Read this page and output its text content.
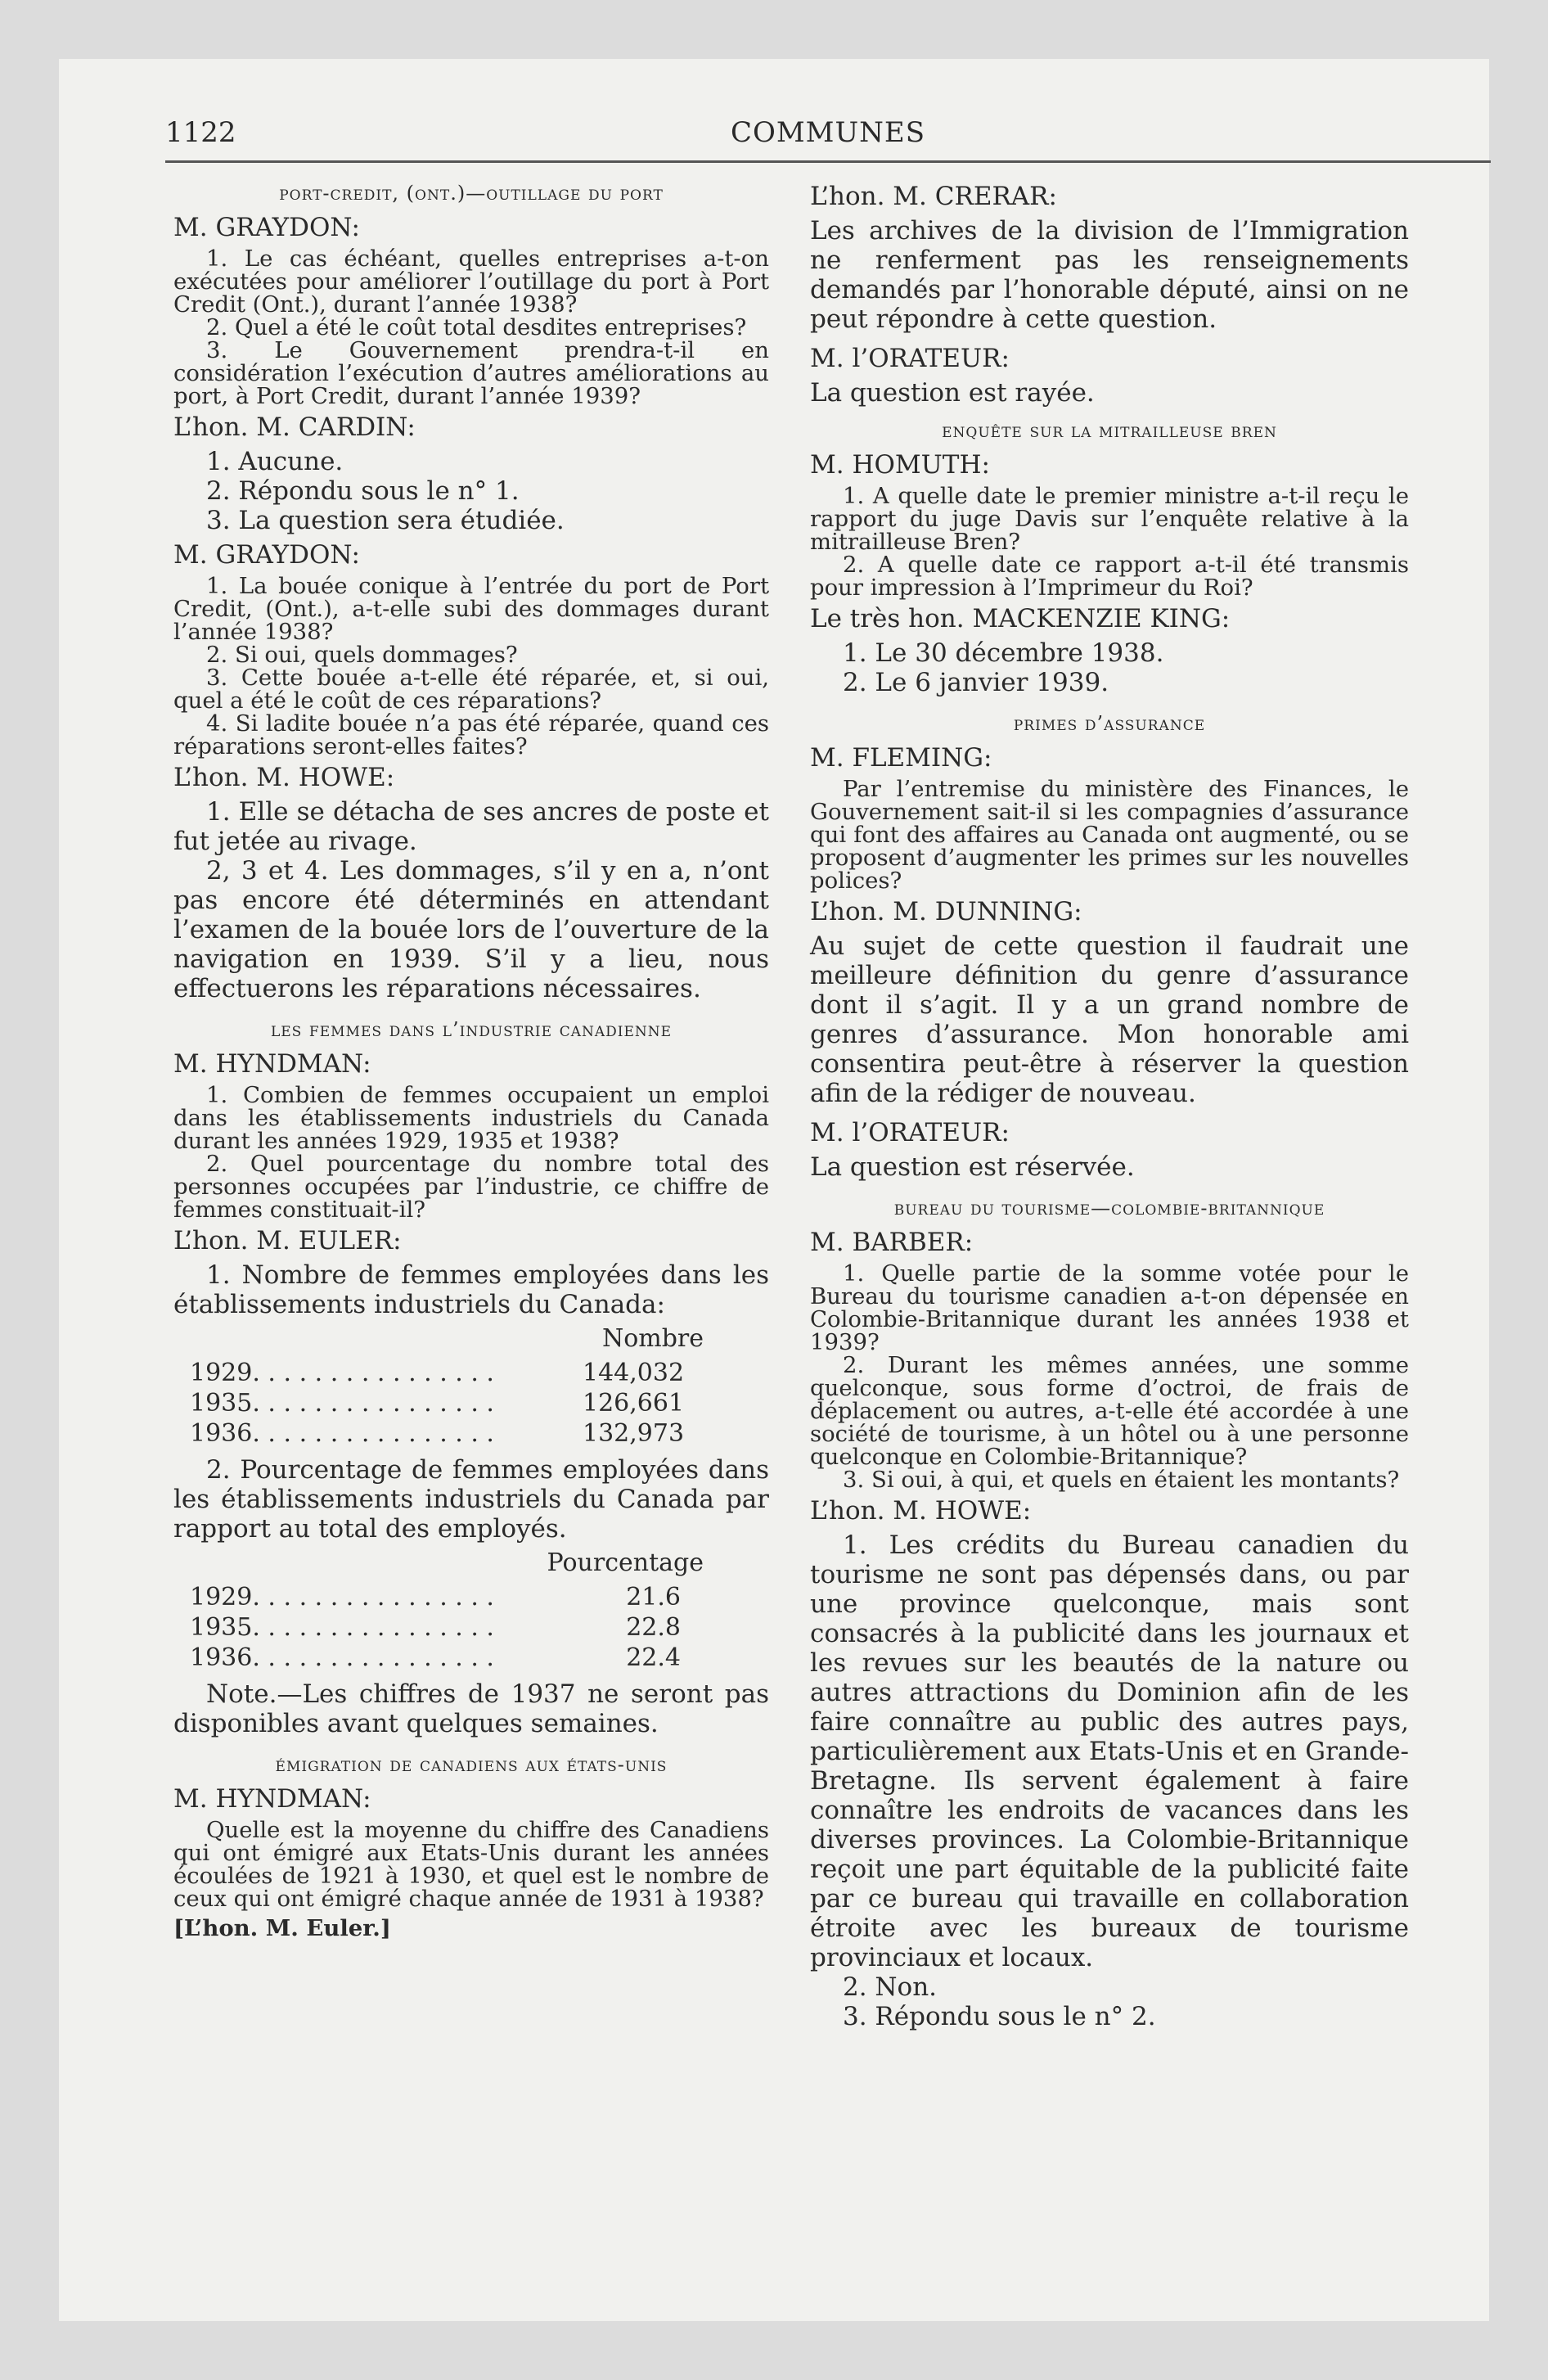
1122	COMMUNES
port-credit, (ont.)—outillage du port
M. GRAYDON:

1. Le cas échéant, quelles entreprises a-t-on exécutées pour améliorer l’outillage du port à Port Credit (Ont.), durant l’année 1938?

2. Quel a été le coût total desdites entreprises?

3. Le Gouvernement prendra-t-il en considération l’exécution d’autres améliorations au port, à Port Credit, durant l’année 1939?

L’hon. M. CARDIN:

1. Aucune.

2. Répondu sous le n° 1.

3. La question sera étudiée.

M. GRAYDON:

1. La bouée conique à l’entrée du port de Port Credit, (Ont.), a-t-elle subi des dommages durant l’année 1938?

2. Si oui, quels dommages?

3. Cette bouée a-t-elle été réparée, et, si oui, quel a été le coût de ces réparations?

4. Si ladite bouée n’a pas été réparée, quand ces réparations seront-elles faites?

L’hon. M. HOWE:

1. Elle se détacha de ses ancres de poste et fut jetée au rivage.

2, 3 et 4. Les dommages, s’il y en a, n’ont pas encore été déterminés en attendant l’examen de la bouée lors de l’ouverture de la navigation en 1939. S’il y a lieu, nous effectuerons les réparations nécessaires.

les femmes dans l’industrie canadienne
M. HYNDMAN:

1. Combien de femmes occupaient un emploi dans les établissements industriels du Canada durant les années 1929, 1935 et 1938?

2. Quel pourcentage du nombre total des personnes occupées par l’industrie, ce chiffre de femmes constituait-il?

L’hon. M. EULER:

1. Nombre de femmes employées dans les établissements industriels du Canada:

Nombre
1929. . . . . . . . . . . . . . . .	144,032
1935. . . . . . . . . . . . . . . .	126,661
1936. . . . . . . . . . . . . . . .	132,973

2. Pourcentage de femmes employées dans les établissements industriels du Canada par rapport au total des employés.

Pourcentage
1929. . . . . . . . . . . . . . . .	21.6
1935. . . . . . . . . . . . . . . .	22.8
1936. . . . . . . . . . . . . . . .	22.4

Note.—Les chiffres de 1937 ne seront pas disponibles avant quelques semaines.

émigration de canadiens aux états-unis
M. HYNDMAN:

Quelle est la moyenne du chiffre des Canadiens qui ont émigré aux Etats-Unis durant les années écoulées de 1921 à 1930, et quel est le nombre de ceux qui ont émigré chaque année de 1931 à 1938?

[L’hon. M. Euler.]

L’hon. M. CRERAR:

Les archives de la division de l’Immigration ne renferment pas les renseignements demandés par l’honorable député, ainsi on ne peut répondre à cette question.

M. l’ORATEUR:

La question est rayée.

enquête sur la mitrailleuse bren
M. HOMUTH:

1. A quelle date le premier ministre a-t-il reçu le rapport du juge Davis sur l’enquête relative à la mitrailleuse Bren?

2. A quelle date ce rapport a-t-il été transmis pour impression à l’Imprimeur du Roi?

Le très hon. MACKENZIE KING:

1. Le 30 décembre 1938.

2. Le 6 janvier 1939.

primes d’assurance
M. FLEMING:

Par l’entremise du ministère des Finances, le Gouvernement sait-il si les compagnies d’assurance qui font des affaires au Canada ont augmenté, ou se proposent d’augmenter les primes sur les nouvelles polices?

L’hon. M. DUNNING:

Au sujet de cette question il faudrait une meilleure définition du genre d’assurance dont il s’agit. Il y a un grand nombre de genres d’assurance. Mon honorable ami consentira peut-être à réserver la question afin de la rédiger de nouveau.

M. l’ORATEUR:

La question est réservée.

bureau du tourisme—colombie-britannique
M. BARBER:

1. Quelle partie de la somme votée pour le Bureau du tourisme canadien a-t-on dépensée en Colombie-Britannique durant les années 1938 et 1939?

2. Durant les mêmes années, une somme quelconque, sous forme d’octroi, de frais de déplacement ou autres, a-t-elle été accordée à une société de tourisme, à un hôtel ou à une personne quelconque en Colombie-Britannique?

3. Si oui, à qui, et quels en étaient les montants?

L’hon. M. HOWE:

1. Les crédits du Bureau canadien du tourisme ne sont pas dépensés dans, ou par une province quelconque, mais sont consacrés à la publicité dans les journaux et les revues sur les beautés de la nature ou autres attractions du Dominion afin de les faire connaître au public des autres pays, particulièrement aux Etats-Unis et en Grande-Bretagne. Ils servent également à faire connaître les endroits de vacances dans les diverses provinces. La Colombie-Britannique reçoit une part équitable de la publicité faite par ce bureau qui travaille en collaboration étroite avec les bureaux de tourisme provinciaux et locaux.

2. Non.

3. Répondu sous le n° 2.
